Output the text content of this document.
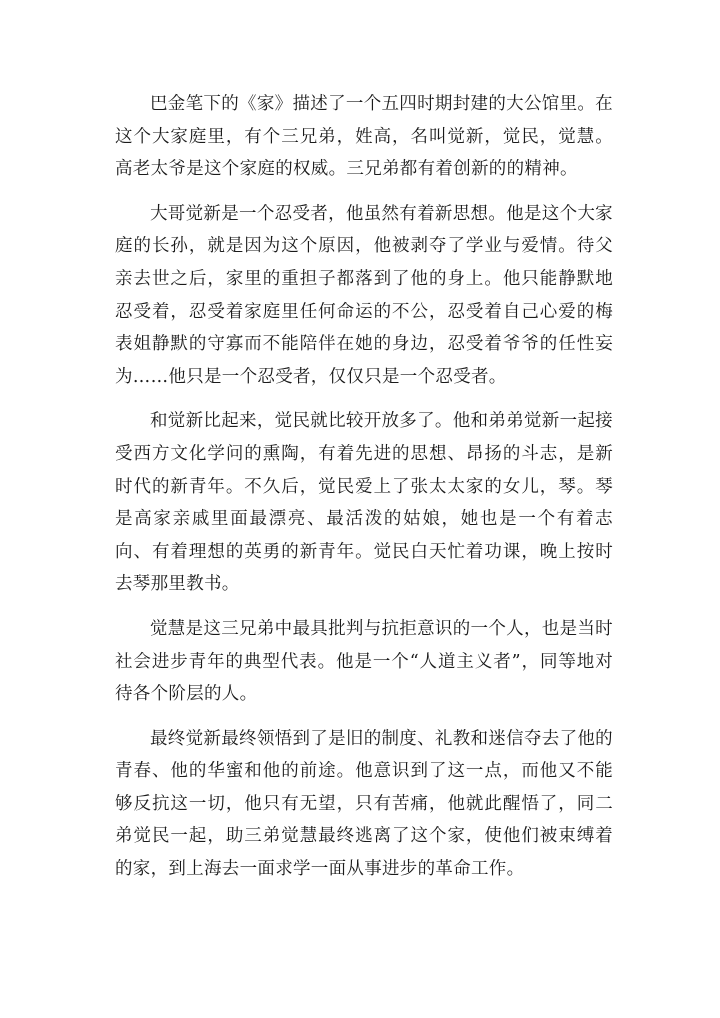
巴金笔下的《家》描述了一个五四时期封建的大公馆里。在这个大家庭里，有个三兄弟，姓高，名叫觉新，觉民，觉慧。高老太爷是这个家庭的权威。三兄弟都有着创新的的精神。

大哥觉新是一个忍受者，他虽然有着新思想。他是这个大家庭的长孙，就是因为这个原因，他被剥夺了学业与爱情。待父亲去世之后，家里的重担子都落到了他的身上。他只能静默地忍受着，忍受着家庭里任何命运的不公，忍受着自己心爱的梅表姐静默的守寡而不能陪伴在她的身边，忍受着爷爷的任性妄为……他只是一个忍受者，仅仅只是一个忍受者。

和觉新比起来，觉民就比较开放多了。他和弟弟觉新一起接受西方文化学问的熏陶，有着先进的思想、昂扬的斗志，是新时代的新青年。不久后，觉民爱上了张太太家的女儿，琴。琴是高家亲戚里面最漂亮、最活泼的姑娘，她也是一个有着志向、有着理想的英勇的新青年。觉民白天忙着功课，晚上按时去琴那里教书。

觉慧是这三兄弟中最具批判与抗拒意识的一个人，也是当时社会进步青年的典型代表。他是一个“人道主义者”，同等地对待各个阶层的人。

最终觉新最终领悟到了是旧的制度、礼教和迷信夺去了他的青春、他的华蜜和他的前途。他意识到了这一点，而他又不能够反抗这一切，他只有无望，只有苦痛，他就此醒悟了，同二弟觉民一起，助三弟觉慧最终逃离了这个家，使他们被束缚着的家，到上海去一面求学一面从事进步的革命工作。
